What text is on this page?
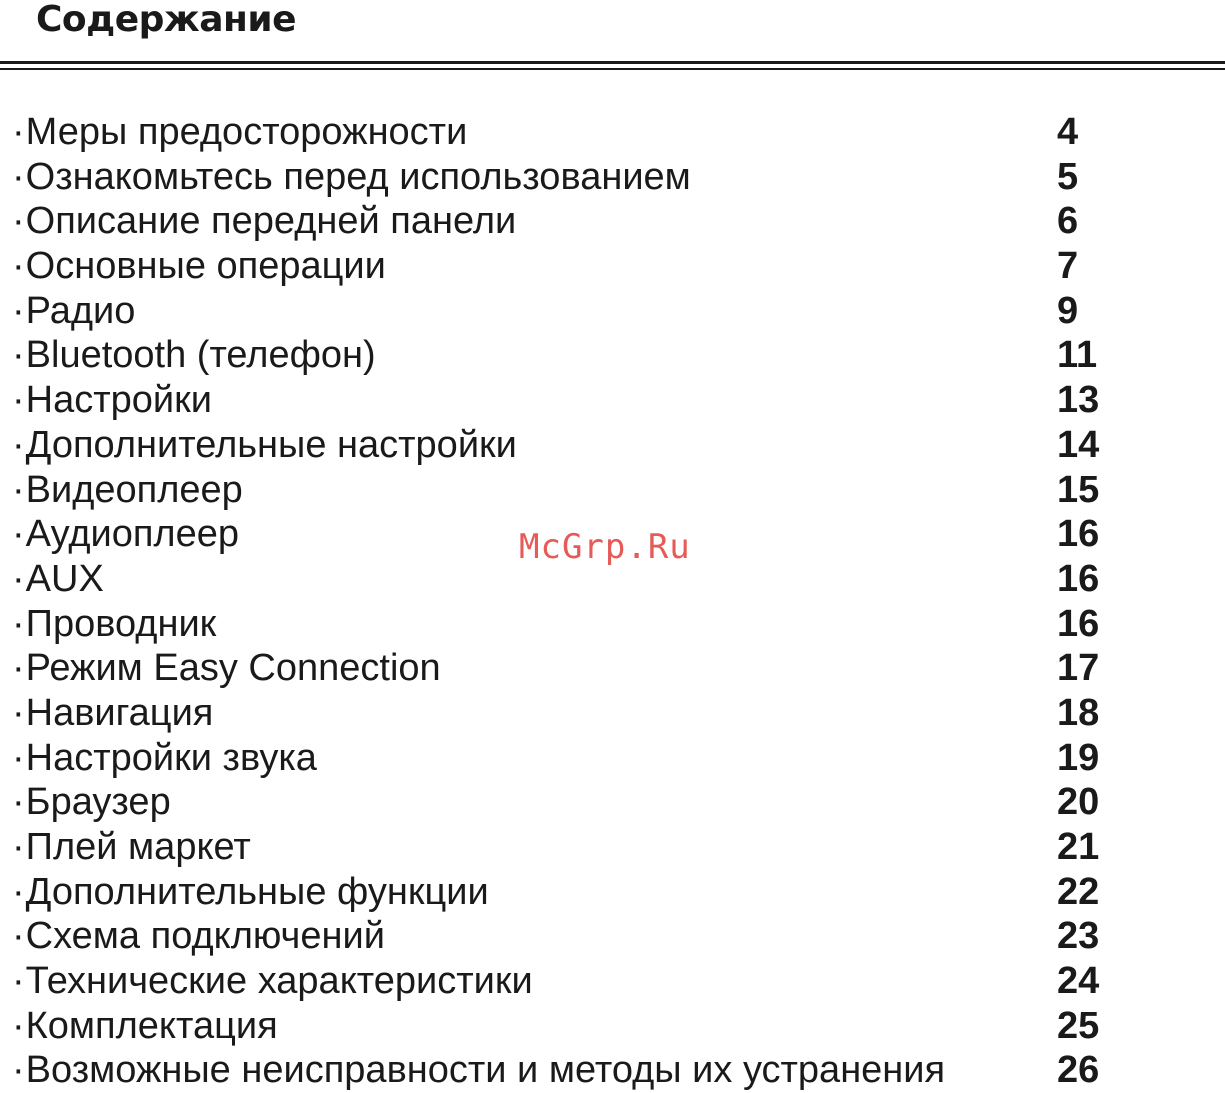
Содержание
· Меры предосторожности	4
· Ознакомьтесь перед использованием	5
· Описание передней панели	6
· Основные операции	7
· Радио	9
· Bluetooth (телефон)	11
· Настройки	13
· Дополнительные настройки	14
· Видеоплеер	15
· Аудиоплеер	16
· AUX	16
· Проводник	16
· Режим Easy Connection	17
· Навигация	18
· Настройки звука	19
· Браузер	20
· Плей маркет	21
· Дополнительные функции	22
· Схема подключений	23
· Технические характеристики	24
· Комплектация	25
· Возможные неисправности и методы их устранения	26
McGrp.Ru
